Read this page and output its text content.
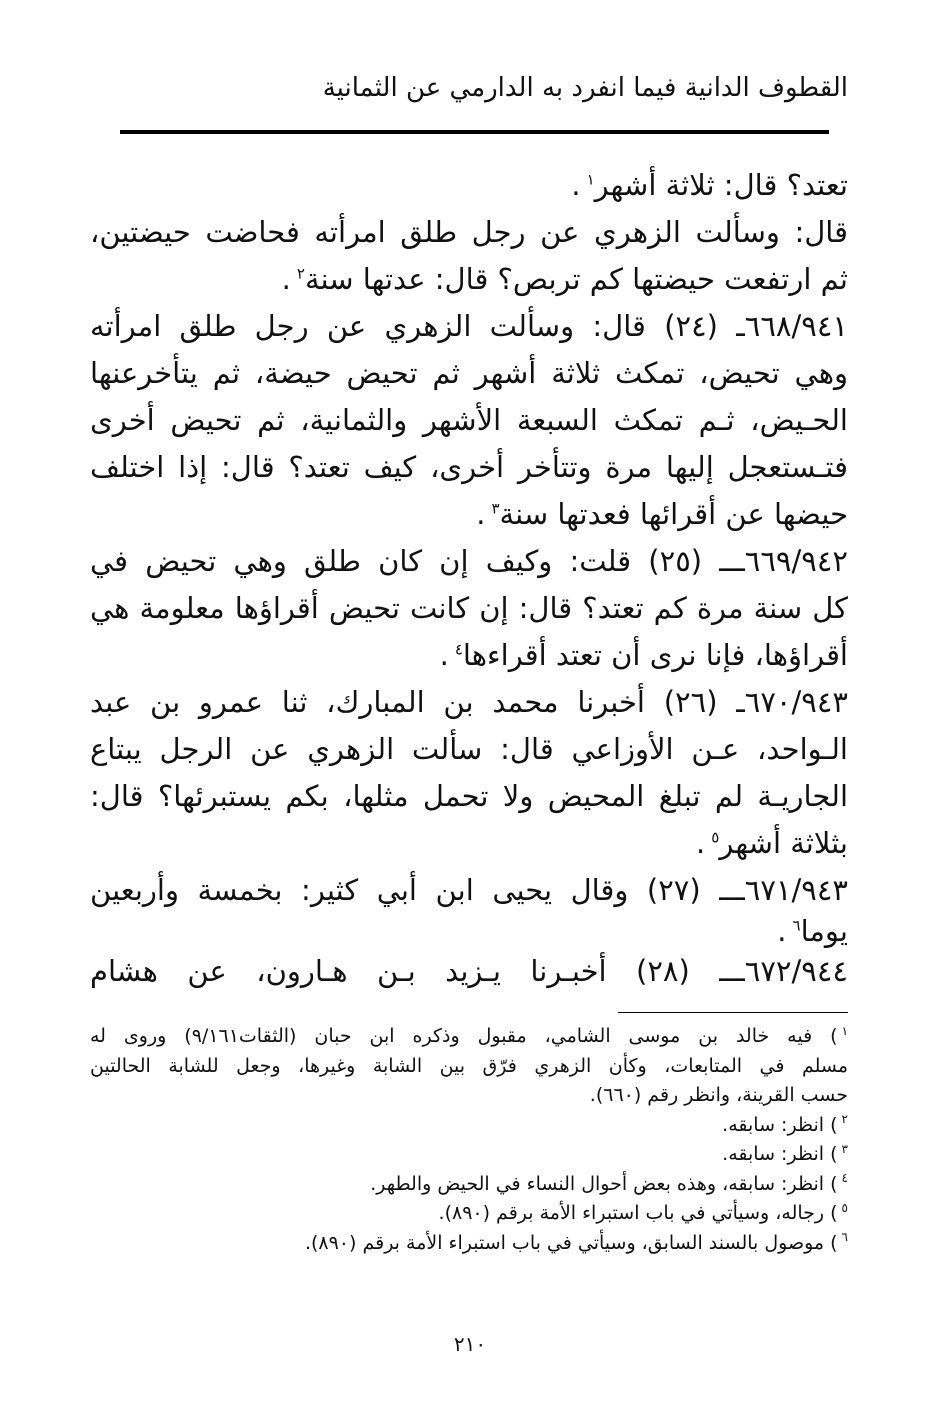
القطوف الدانية فيما انفرد به الدارمي عن الثمانية
تعتد؟ قال: ثلاثة أشهر$^١$.
قال: وسألت الزهري عن رجل طلق امرأته فحاضت حيضتين،
ثم ارتفعت حيضتها كم تربص؟ قال: عدتها سنة$^٢$.
٦٦٨/٩٤١ـ (٢٤) قال: وسألت الزهري عن رجل طلق امرأته
وهي تحيض، تمكث ثلاثة أشهر ثم تحيض حيضة، ثم يتأخرعنها
الحـيض، ثـم تمكث السبعة الأشهر والثمانية، ثم تحيض أخرى
فتـستعجل إليها مرة وتتأخر أخرى، كيف تعتد؟ قال: إذا اختلف
حيضها عن أقرائها فعدتها سنة$^٣$.
٦٦٩/٩٤٢ـــ (٢٥) قلت: وكيف إن كان طلق وهي تحيض في
كل سنة مرة كم تعتد؟ قال: إن كانت تحيض أقراؤها معلومة هي
أقراؤها، فإنا نرى أن تعتد أقراءها$^٤$.
٦٧٠/٩٤٣ـ (٢٦) أخبرنا محمد بن المبارك، ثنا عمرو بن عبد
الـواحد، عـن الأوزاعي قال: سألت الزهري عن الرجل يبتاع
الجاريـة لم تبلغ المحيض ولا تحمل مثلها، بكم يستبرئها؟ قال:
بثلاثة أشهر$^٥$.
٦٧١/٩٤٣ـــ (٢٧) وقال يحيى ابن أبي كثير: بخمسة وأربعين
يوما$^٦$.
٦٧٢/٩٤٤ـــ (٢٨) أخبـرنا يـزيد بـن هـارون، عن هشام
١) فيه خالد بن موسى الشامي، مقبول وذكره ابن حبان (الثقات٩/١٦١) وروى له
مسلم في المتابعات، وكأن الزهري فرّق بين الشابة وغيرها، وجعل للشابة الحالتين
حسب القرينة، وانظر رقم (٦٦٠).
٢) انظر: سابقه.
٣) انظر: سابقه.
٤) انظر: سابقه، وهذه بعض أحوال النساء في الحيض والطهر.
٥) رجاله، وسيأتي في باب استبراء الأمة برقم (٨٩٠).
٦) موصول بالسند السابق، وسيأتي في باب استبراء الأمة برقم (٨٩٠).
٢١٠
